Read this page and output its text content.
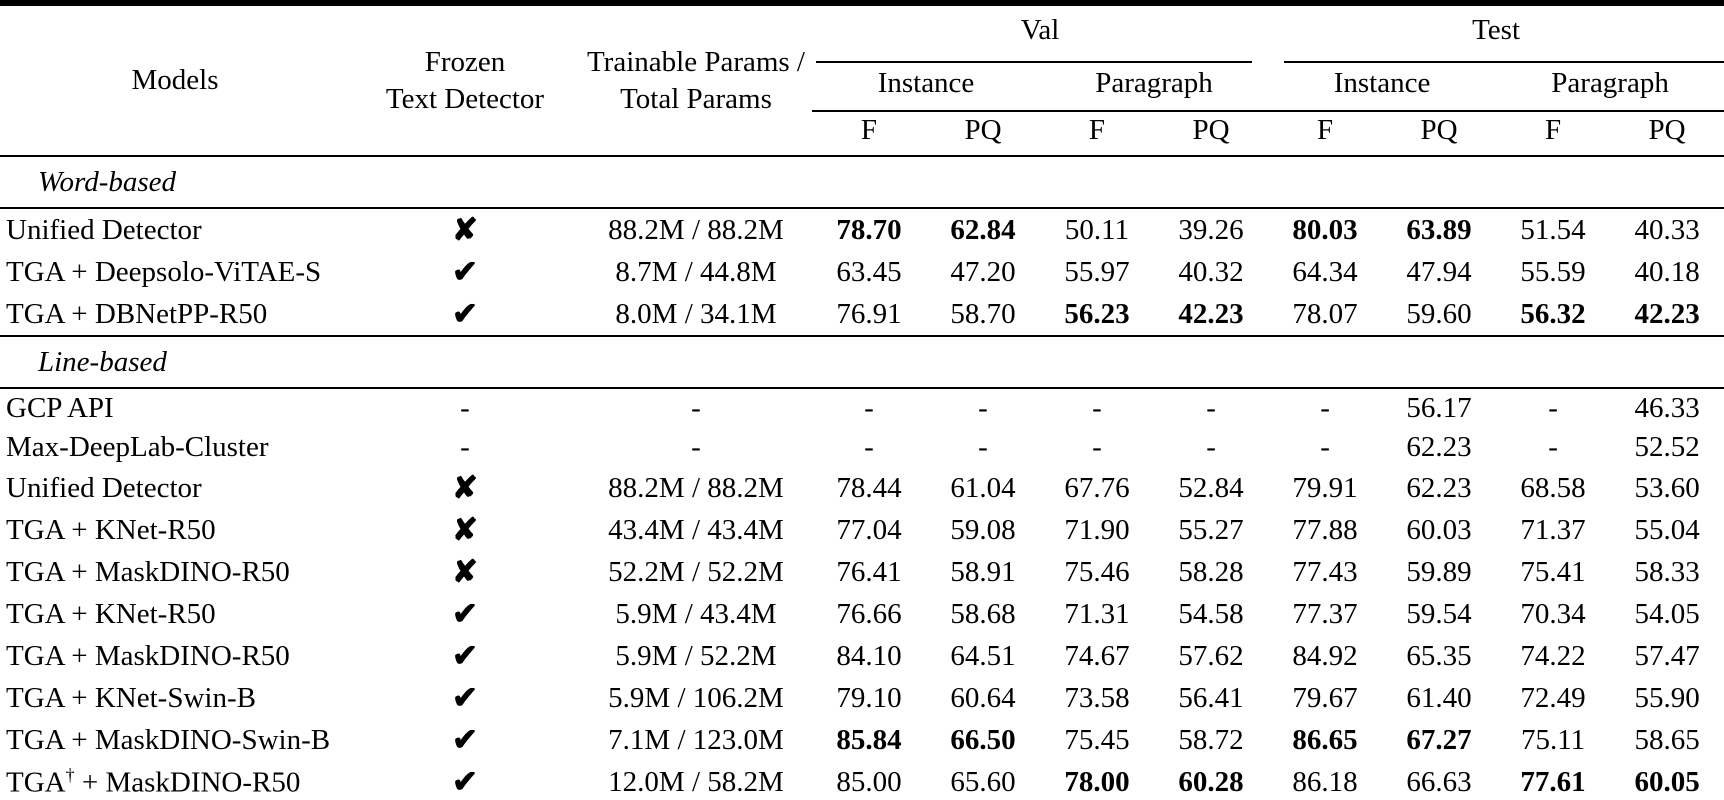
Models	
Frozen
Text Detector

Trainable Params /
Total Params

Val	Test

			Instance		Paragraph		Instance		Paragraph	
			F	PQ	F	PQ	F	PQ	F	PQ
Word-based										
Unified Detector	✘	88.2M / 88.2M	78.70	62.84	50.11	39.26	80.03	63.89	51.54	40.33
TGA + Deepsolo-ViTAE-S	✔	8.7M / 44.8M	63.45	47.20	55.97	40.32	64.34	47.94	55.59	40.18
TGA + DBNetPP-R50	✔	8.0M / 34.1M	76.91	58.70	56.23	42.23	78.07	59.60	56.32	42.23
Line-based										
GCP API	-	-	-	-	-	-	-	56.17	-	46.33
Max-DeepLab-Cluster	-	-	-	-	-	-	-	62.23	-	52.52
Unified Detector	✘	88.2M / 88.2M	78.44	61.04	67.76	52.84	79.91	62.23	68.58	53.60
TGA + KNet-R50	✘	43.4M / 43.4M	77.04	59.08	71.90	55.27	77.88	60.03	71.37	55.04
TGA + MaskDINO-R50	✘	52.2M / 52.2M	76.41	58.91	75.46	58.28	77.43	59.89	75.41	58.33
TGA + KNet-R50	✔	5.9M / 43.4M	76.66	58.68	71.31	54.58	77.37	59.54	70.34	54.05
TGA + MaskDINO-R50	✔	5.9M / 52.2M	84.10	64.51	74.67	57.62	84.92	65.35	74.22	57.47
TGA + KNet-Swin-B	✔	5.9M / 106.2M	79.10	60.64	73.58	56.41	79.67	61.40	72.49	55.90
TGA + MaskDINO-Swin-B	✔	7.1M / 123.0M	85.84	66.50	75.45	58.72	86.65	67.27	75.11	58.65
TGA† + MaskDINO-R50	✔	12.0M / 58.2M	85.00	65.60	78.00	60.28	86.18	66.63	77.61	60.05
